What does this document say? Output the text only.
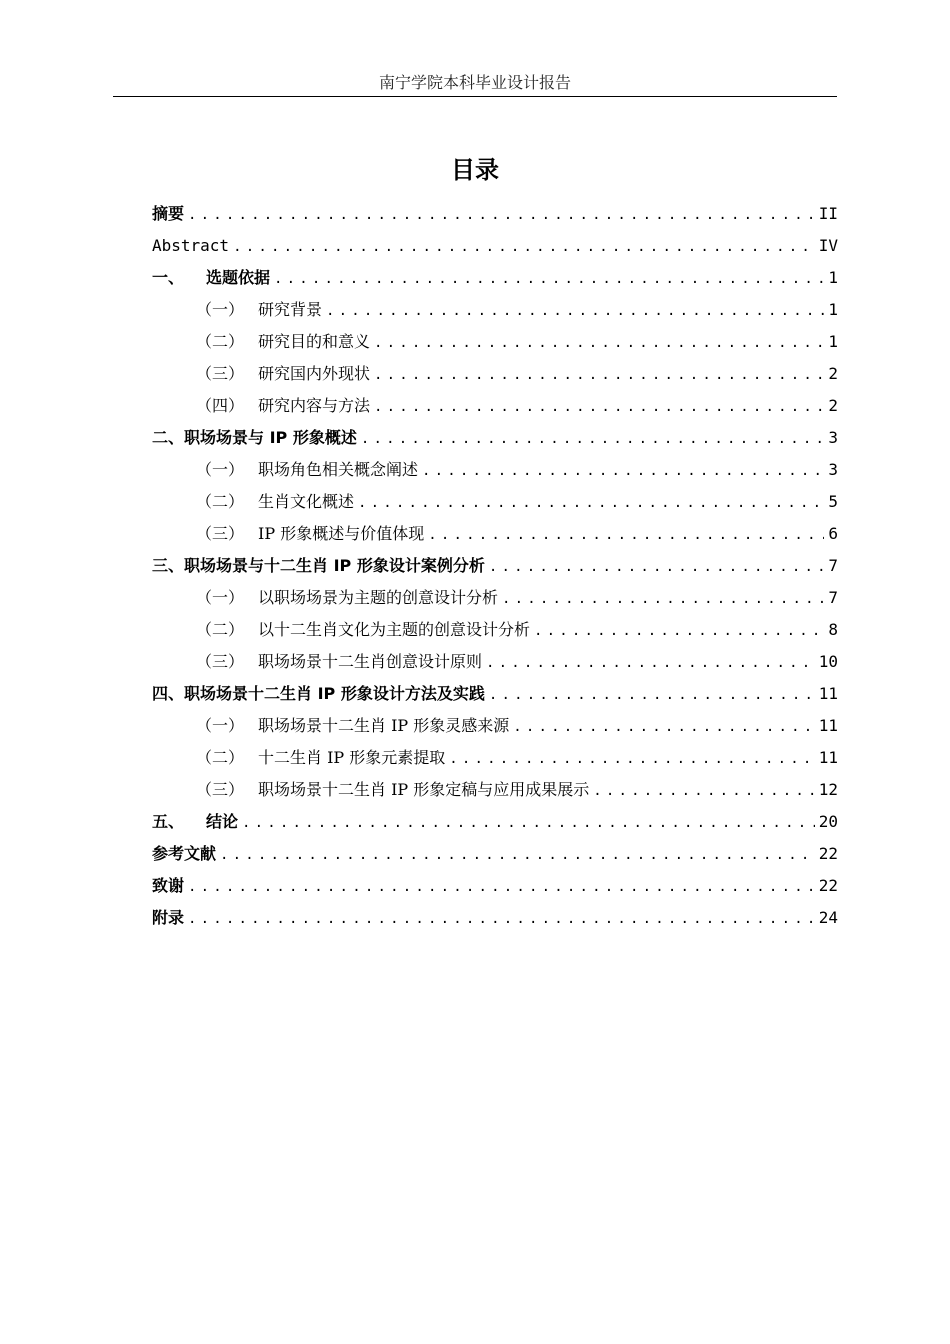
南宁学院本科毕业设计报告
目录
摘要 .....	II
Abstract .....	IV
一、 选题依据 .....	1
（一） 研究背景 .....	1
（二） 研究目的和意义 .....	1
（三） 研究国内外现状 .....	2
（四） 研究内容与方法 .....	2
二、职场场景与 IP 形象概述 .....	3
（一） 职场角色相关概念阐述 .....	3
（二） 生肖文化概述 .....	5
（三） IP 形象概述与价值体现 .....	6
三、职场场景与十二生肖 IP 形象设计案例分析 .....	7
（一） 以职场场景为主题的创意设计分析 .....	7
（二） 以十二生肖文化为主题的创意设计分析 .....	8
（三） 职场场景十二生肖创意设计原则 .....	10
四、职场场景十二生肖 IP 形象设计方法及实践 .....	11
（一） 职场场景十二生肖 IP 形象灵感来源 .....	11
（二） 十二生肖 IP 形象元素提取 .....	11
（三） 职场场景十二生肖 IP 形象定稿与应用成果展示 .....	12
五、 结论 .....	20
参考文献 .....	22
致谢 .....	22
附录 .....	24
